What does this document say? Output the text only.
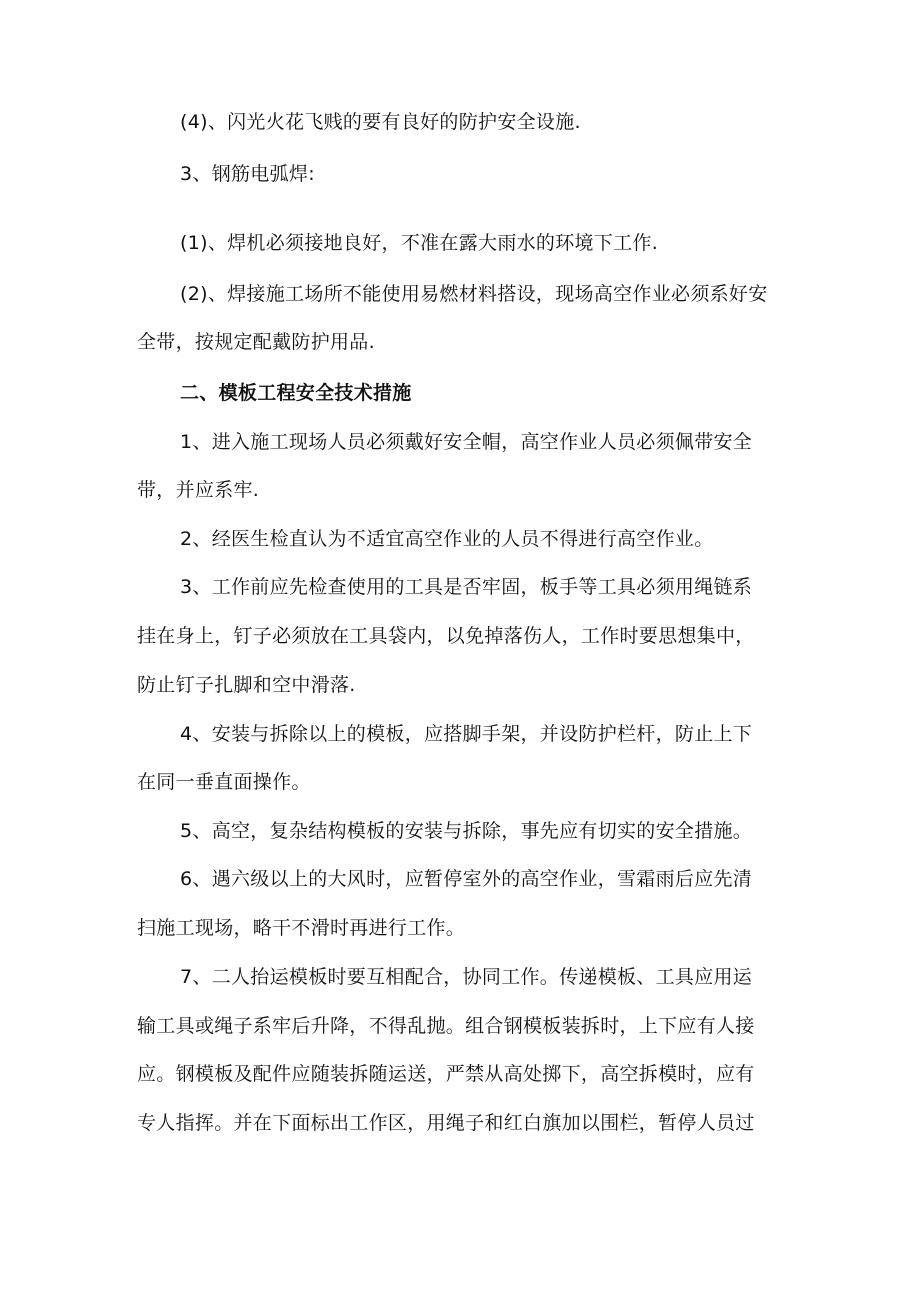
(4)、闪光火花飞贱的要有良好的防护安全设施.
3、钢筋电弧焊:
(1)、焊机必须接地良好，不准在露大雨水的环境下工作.
(2)、焊接施工场所不能使用易燃材料搭设，现场高空作业必须系好安
全带，按规定配戴防护用品.
二、模板工程安全技术措施
1、进入施工现场人员必须戴好安全帽，高空作业人员必须佩带安全
带，并应系牢.
2、经医生检直认为不适宜高空作业的人员不得进行高空作业。
3、工作前应先检查使用的工具是否牢固，板手等工具必须用绳链系
挂在身上，钉子必须放在工具袋内，以免掉落伤人，工作时要思想集中，
防止钉子扎脚和空中滑落.
4、安装与拆除以上的模板，应搭脚手架，并设防护栏杆，防止上下
在同一垂直面操作。
5、高空，复杂结构模板的安装与拆除，事先应有切实的安全措施。
6、遇六级以上的大风时，应暂停室外的高空作业，雪霜雨后应先清
扫施工现场，略干不滑时再进行工作。
7、二人抬运模板时要互相配合，协同工作。传递模板、工具应用运
输工具或绳子系牢后升降，不得乱抛。组合钢模板装拆时，上下应有人接
应。钢模板及配件应随装拆随运送，严禁从高处掷下，高空拆模时，应有
专人指挥。并在下面标出工作区，用绳子和红白旗加以围栏，暂停人员过
